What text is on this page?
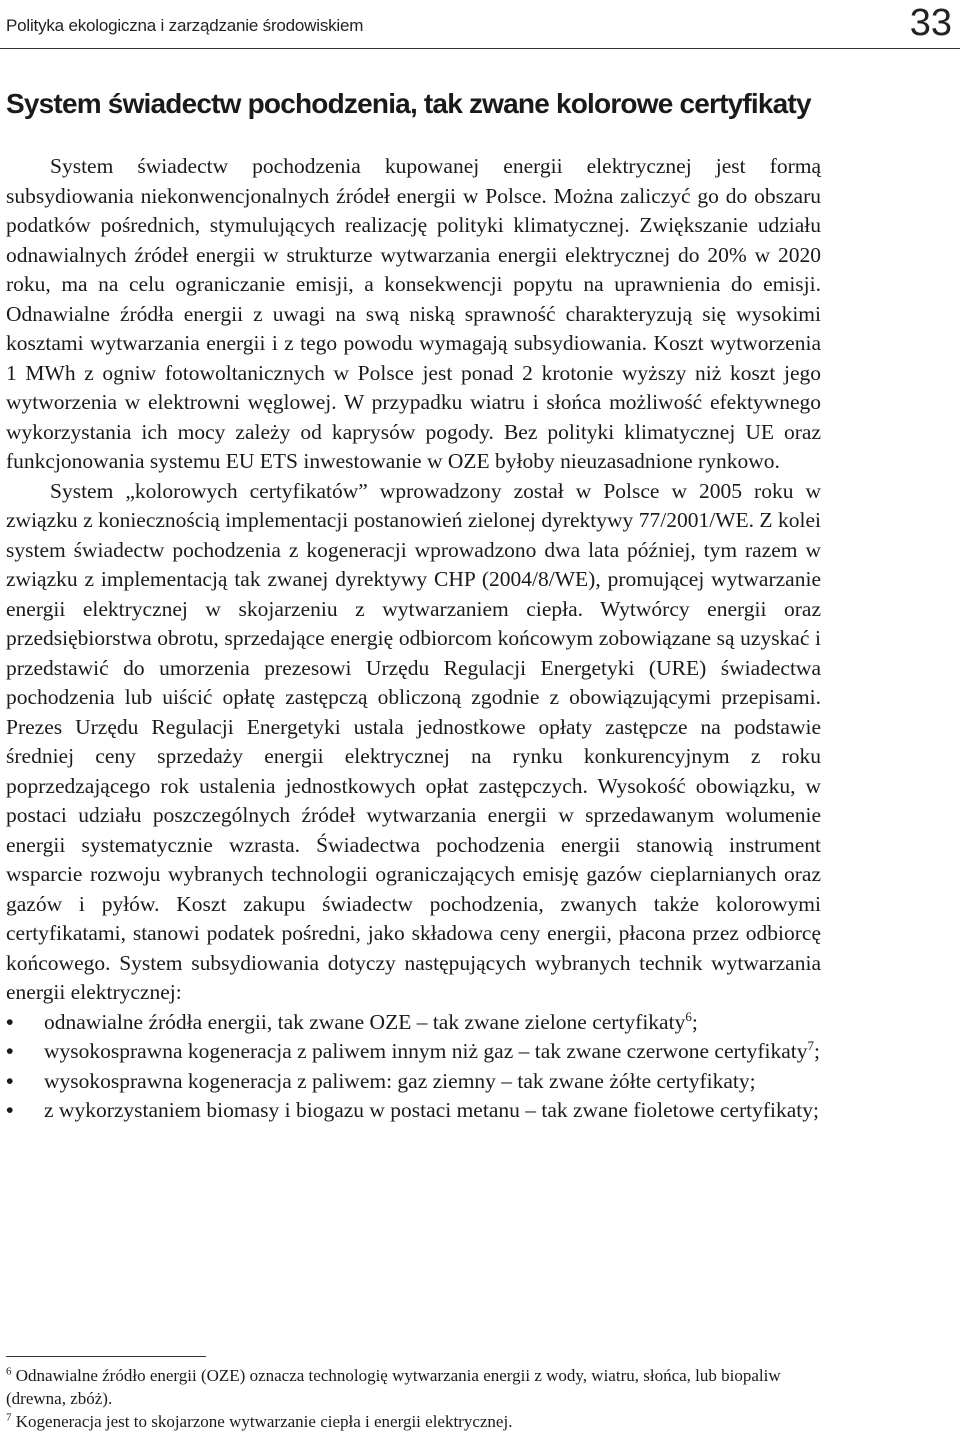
Polityka ekologiczna i zarządzanie środowiskiem	33
System świadectw pochodzenia, tak zwane kolorowe certyfikaty

System świadectw pochodzenia kupowanej energii elektrycznej jest formą subsydiowania niekonwencjonalnych źródeł energii w Polsce. Można zaliczyć go do obszaru podatków pośrednich, stymulujących realizację polityki klimatycznej. Zwiększanie udziału odnawialnych źródeł energii w strukturze wytwarzania energii elektrycznej do 20% w 2020 roku, ma na celu ograniczanie emisji, a konsekwencji popytu na uprawnienia do emisji. Odnawialne źródła energii z uwagi na swą niską sprawność charakteryzują się wysokimi kosztami wytwarzania energii i z tego powodu wymagają subsydiowania. Koszt wytworzenia 1 MWh z ogniw fotowoltanicznych w Polsce jest ponad 2 krotonie wyższy niż koszt jego wytworzenia w elektrowni węglowej. W przypadku wiatru i słońca możliwość efektywnego wykorzystania ich mocy zależy od kaprysów pogody. Bez polityki klimatycznej UE oraz funkcjonowania systemu EU ETS inwestowanie w OZE byłoby nieuzasadnione rynkowo.

System „kolorowych certyfikatów” wprowadzony został w Polsce w 2005 roku w związku z koniecznością implementacji postanowień zielonej dyrektywy 77/2001/WE. Z kolei system świadectw pochodzenia z kogeneracji wprowadzono dwa lata później, tym razem w związku z implementacją tak zwanej dyrektywy CHP (2004/8/WE), promującej wytwarzanie energii elektrycznej w skojarzeniu z wytwarzaniem ciepła. Wytwórcy energii oraz przedsiębiorstwa obrotu, sprzedające energię odbiorcom końcowym zobowiązane są uzyskać i przedstawić do umorzenia prezesowi Urzędu Regulacji Energetyki (URE) świadectwa pochodzenia lub uiścić opłatę zastępczą obliczoną zgodnie z obowiązującymi przepisami. Prezes Urzędu Regulacji Energetyki ustala jednostkowe opłaty zastępcze na podstawie średniej ceny sprzedaży energii elektrycznej na rynku konkurencyjnym z roku poprzedzającego rok ustalenia jednostkowych opłat zastępczych. Wysokość obowiązku, w postaci udziału poszczególnych źródeł wytwarzania energii w sprzedawanym wolumenie energii systematycznie wzrasta. Świadectwa pochodzenia energii stanowią instrument wsparcie rozwoju wybranych technologii ograniczających emisję gazów cieplarnianych oraz gazów i pyłów. Koszt zakupu świadectw pochodzenia, zwanych także kolorowymi certyfikatami, stanowi podatek pośredni, jako składowa ceny energii, płacona przez odbiorcę końcowego. System subsydiowania dotyczy następujących wybranych technik wytwarzania energii elektrycznej:

• odnawialne źródła energii, tak zwane OZE – tak zwane zielone certyfikaty$^6$;
• wysokosprawna kogeneracja z paliwem innym niż gaz – tak zwane czerwone certyfikaty$^7$;
• wysokosprawna kogeneracja z paliwem: gaz ziemny – tak zwane żółte certyfikaty;
• z wykorzystaniem biomasy i biogazu w postaci metanu – tak zwane fioletowe certyfikaty;

$^6$ Odnawialne źródło energii (OZE) oznacza technologię wytwarzania energii z wody, wiatru, słońca, lub biopaliw (drewna, zbóż).

$^7$ Kogeneracja jest to skojarzone wytwarzanie ciepła i energii elektrycznej.
